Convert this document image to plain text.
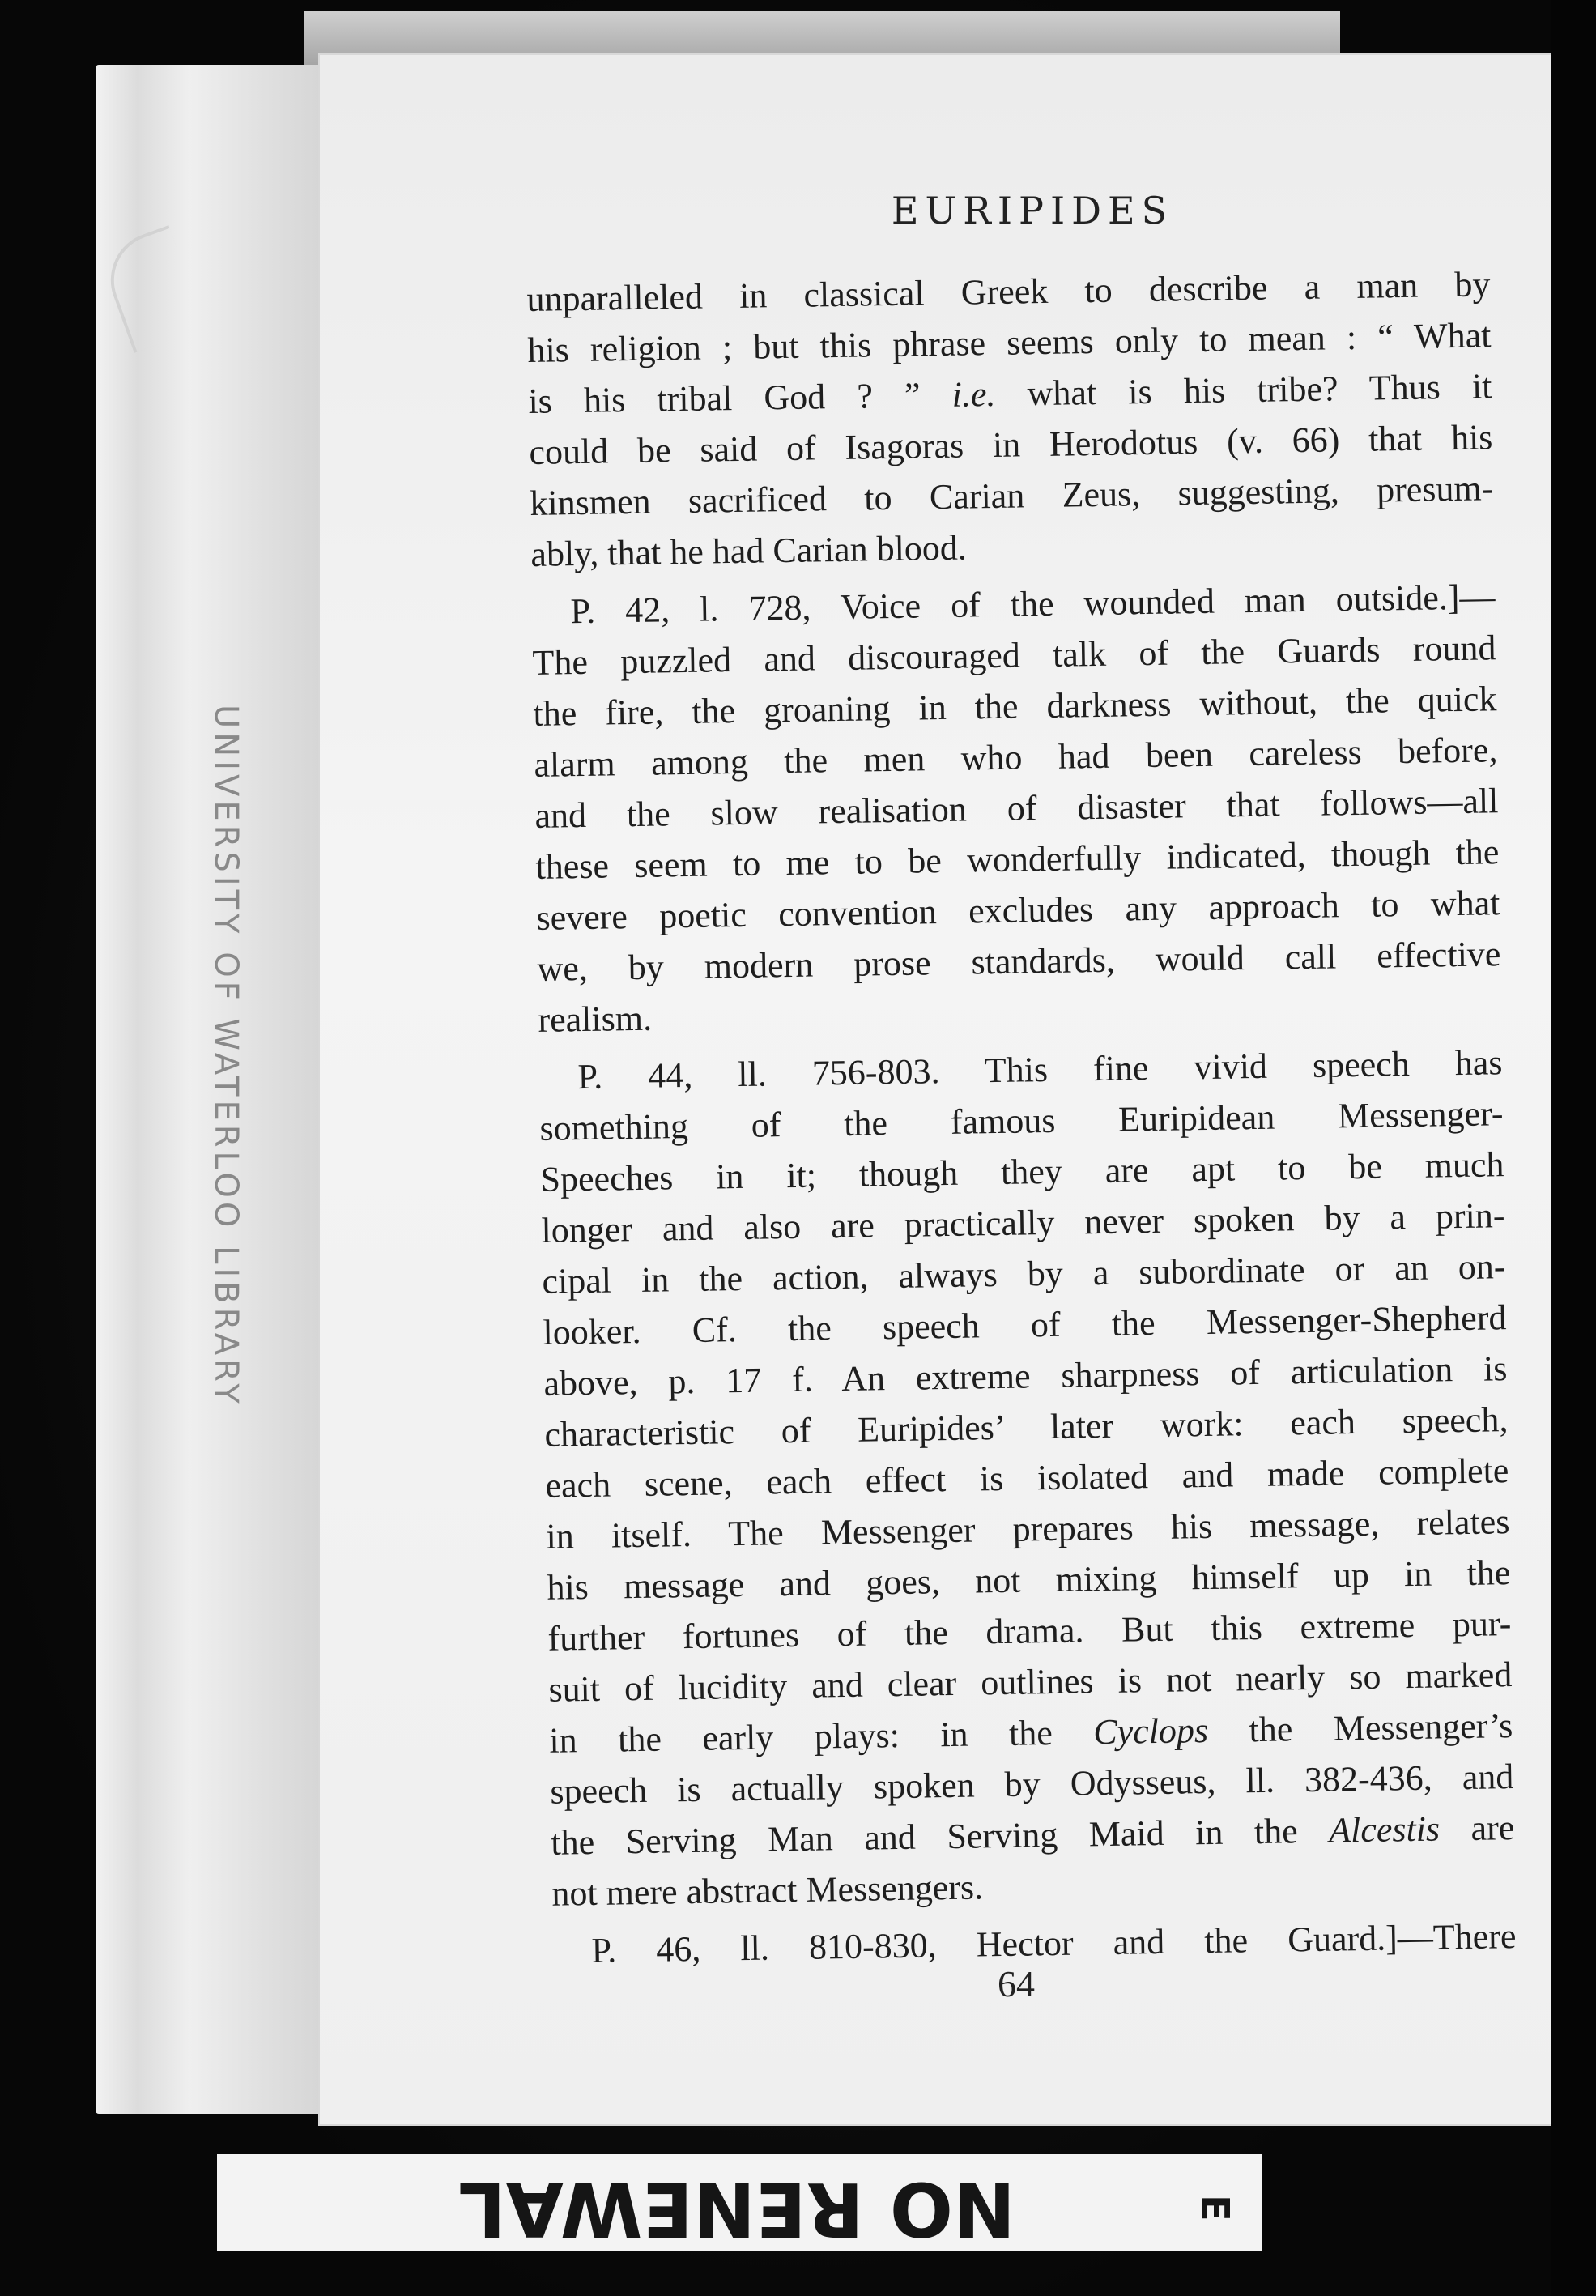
UNIVERSITY OF WATERLOO LIBRARY
EURIPIDES

unparalleled in classical Greek to describe a man by
his religion ; but this phrase seems only to mean : “ What
is his tribal God ? ” i.e. what is his tribe? Thus it
could be said of Isagoras in Herodotus (v. 66) that his
kinsmen sacrificed to Carian Zeus, suggesting, presum-
ably, that he had Carian blood.

P. 42, l. 728, Voice of the wounded man outside.]—
The puzzled and discouraged talk of the Guards round
the fire, the groaning in the darkness without, the quick
alarm among the men who had been careless before,
and the slow realisation of disaster that follows—all
these seem to me to be wonderfully indicated, though the
severe poetic convention excludes any approach to what
we, by modern prose standards, would call effective
realism.

P. 44, ll. 756-803. This fine vivid speech has
something of the famous Euripidean Messenger-
Speeches in it; though they are apt to be much
longer and also are practically never spoken by a prin-
cipal in the action, always by a subordinate or an on-
looker. Cf. the speech of the Messenger-Shepherd
above, p. 17 f. An extreme sharpness of articulation is
characteristic of Euripides’ later work: each speech,
each scene, each effect is isolated and made complete
in itself. The Messenger prepares his message, relates
his message and goes, not mixing himself up in the
further fortunes of the drama. But this extreme pur-
suit of lucidity and clear outlines is not nearly so marked
in the early plays: in the Cyclops the Messenger’s
speech is actually spoken by Odysseus, ll. 382-436, and
the Serving Man and Serving Maid in the Alcestis are
not mere abstract Messengers.

P. 46, ll. 810-830, Hector and the Guard.]—There

64
NO RENEWAL	E
